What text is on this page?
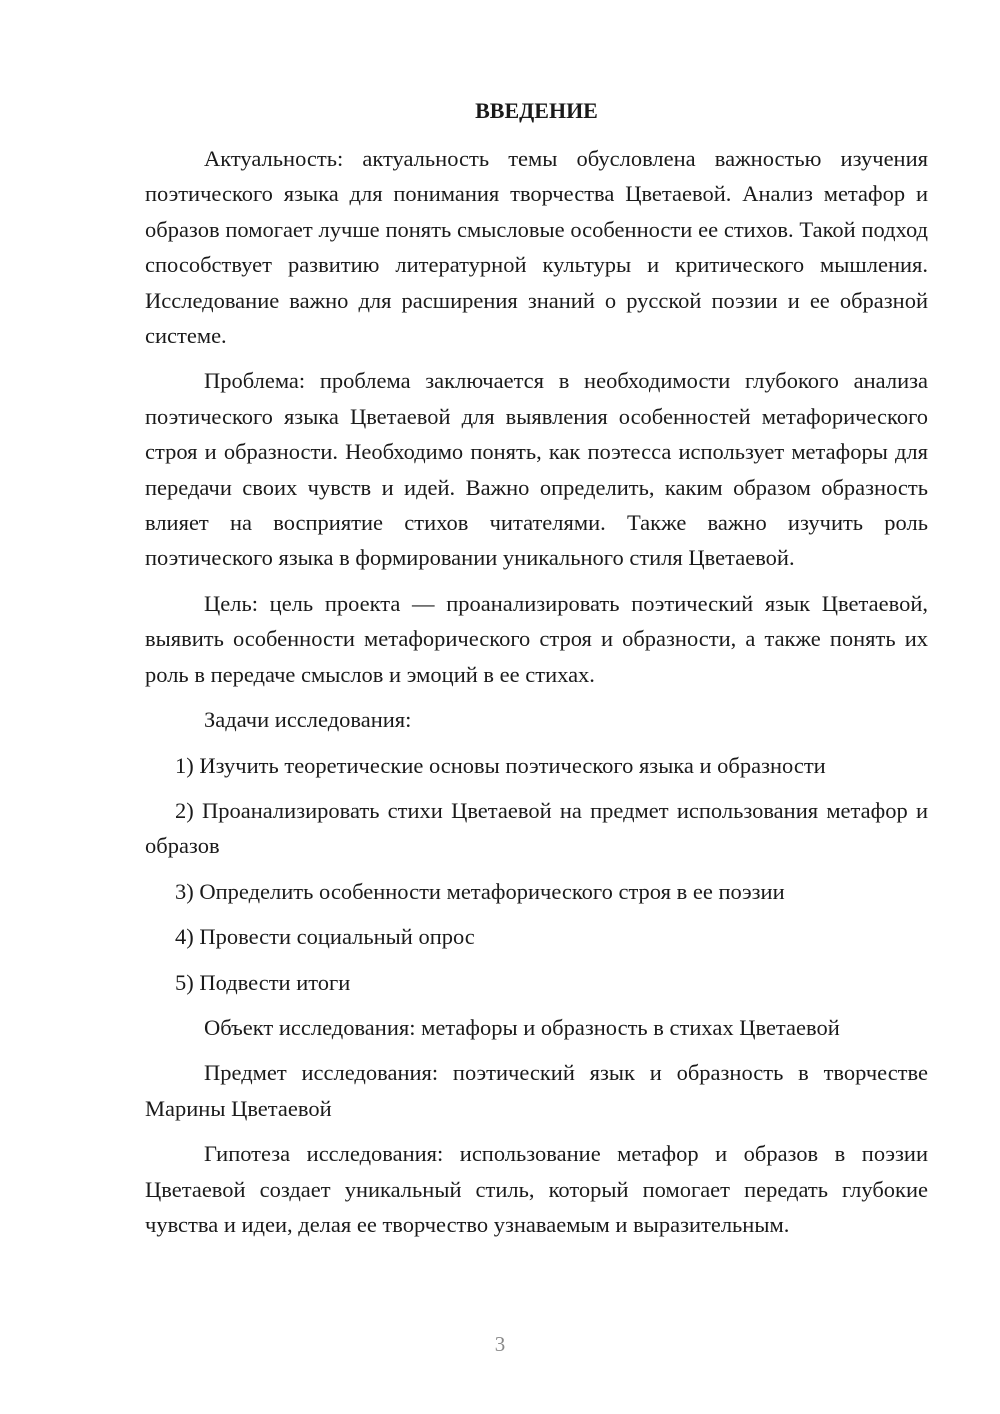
ВВЕДЕНИЕ

Актуальность: актуальность темы обусловлена важностью изучения поэтического языка для понимания творчества Цветаевой. Анализ метафор и образов помогает лучше понять смысловые особенности ее стихов. Такой подход способствует развитию литературной культуры и критического мышления. Исследование важно для расширения знаний о русской поэзии и ее образной системе.

Проблема: проблема заключается в необходимости глубокого анализа поэтического языка Цветаевой для выявления особенностей метафорического строя и образности. Необходимо понять, как поэтесса использует метафоры для передачи своих чувств и идей. Важно определить, каким образом образность влияет на восприятие стихов читателями. Также важно изучить роль поэтического языка в формировании уникального стиля Цветаевой.

Цель: цель проекта — проанализировать поэтический язык Цветаевой, выявить особенности метафорического строя и образности, а также понять их роль в передаче смыслов и эмоций в ее стихах.

Задачи исследования:

1) Изучить теоретические основы поэтического языка и образности

2) Проанализировать стихи Цветаевой на предмет использования метафор и образов

3) Определить особенности метафорического строя в ее поэзии

4) Провести социальный опрос

5) Подвести итоги

Объект исследования: метафоры и образность в стихах Цветаевой

Предмет исследования: поэтический язык и образность в творчестве Марины Цветаевой

Гипотеза исследования: использование метафор и образов в поэзии Цветаевой создает уникальный стиль, который помогает передать глубокие чувства и идеи, делая ее творчество узнаваемым и выразительным.

3
